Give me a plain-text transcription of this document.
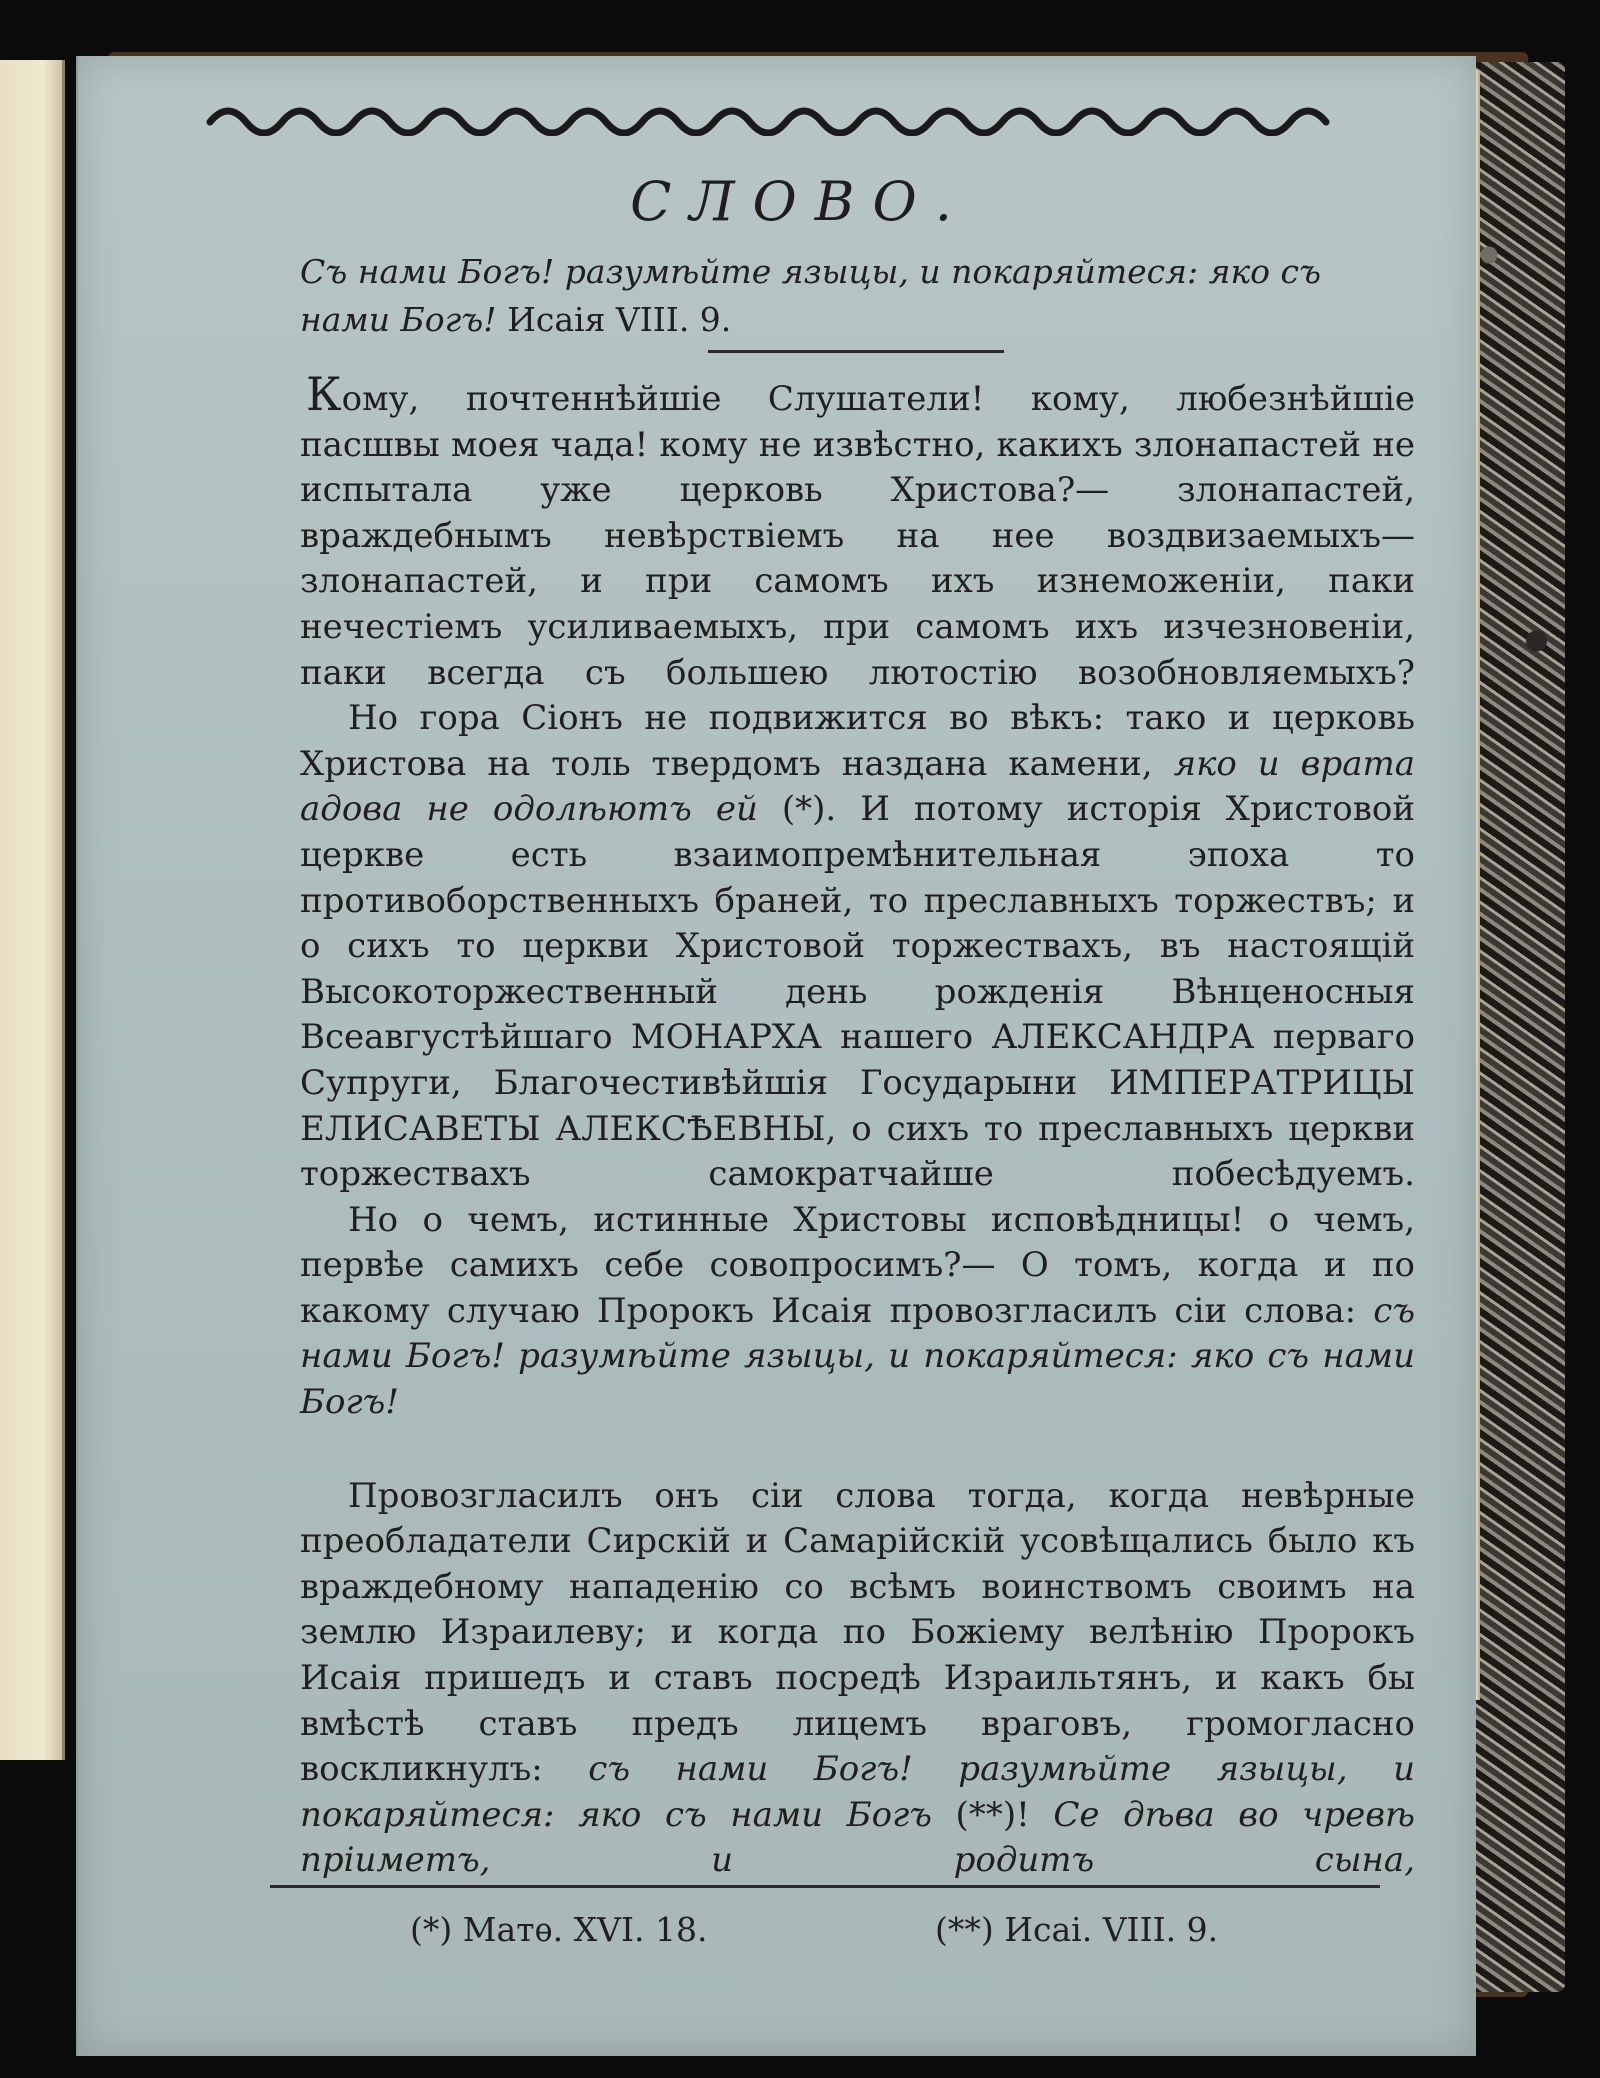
СЛОВО.
Съ нами Богъ! разумѣйте языцы, и покаряйтеся: яко съ
нами Богъ! Исаія VIII. 9.

Кому, почтеннѣйшіе Слушатели! кому, любезнѣйшіе пасшвы моея чада! кому не извѣстно, какихъ злонапастей не испытала уже церковь Христова?— злонапастей, враждебнымъ невѣрствіемъ на нее воздвизаемыхъ— злонапастей, и при самомъ ихъ изнеможеніи, паки нечестіемъ усиливаемыхъ, при самомъ ихъ изчезновеніи, паки всегда съ большею лютостію возобновляемыхъ?

Но гора Сіонъ не подвижится во вѣкъ: тако и церковь Христова на толь твердомъ наздана камени, яко и врата адова не одолѣютъ ей (*). И потому исторія Христовой церкве есть взаимопремѣнительная эпоха то противоборственныхъ браней, то преславныхъ торжествъ; и о сихъ то церкви Христовой торжествахъ, въ настоящій Высокоторжественный день рожденія Вѣнценосныя Всеавгустѣйшаго МОНАРХА нашего АЛЕКСАНДРА перваго Супруги, Благочестивѣйшія Государыни ИМПЕРАТРИЦЫ ЕЛИСАВЕТЫ АЛЕКСѢЕВНЫ, о сихъ то преславныхъ церкви торжествахъ самократчайше побесѣдуемъ.

Но о чемъ, истинные Христовы исповѣдницы! о чемъ, первѣе самихъ себе совопросимъ?— О томъ, когда и по какому случаю Пророкъ Исаія провозгласилъ сіи слова: съ нами Богъ! разумѣйте языцы, и покаряйтеся: яко съ нами Богъ!

Провозгласилъ онъ сіи слова тогда, когда невѣрные преобладатели Сирскій и Самарійскій усовѣщались было къ враждебному нападенію со всѣмъ воинствомъ своимъ на землю Израилеву; и когда по Божіему велѣнію Пророкъ Исаія пришедъ и ставъ посредѣ Израильтянъ, и какъ бы вмѣстѣ ставъ предъ лицемъ враговъ, громогласно воскликнулъ: съ нами Богъ! разумѣйте языцы, и покаряйтеся: яко съ нами Богъ (**)! Се дѣва во чревѣ пріиметъ, и родитъ сына,

(*) Матѳ. XVI. 18.	(**) Исаі. VIII. 9.
